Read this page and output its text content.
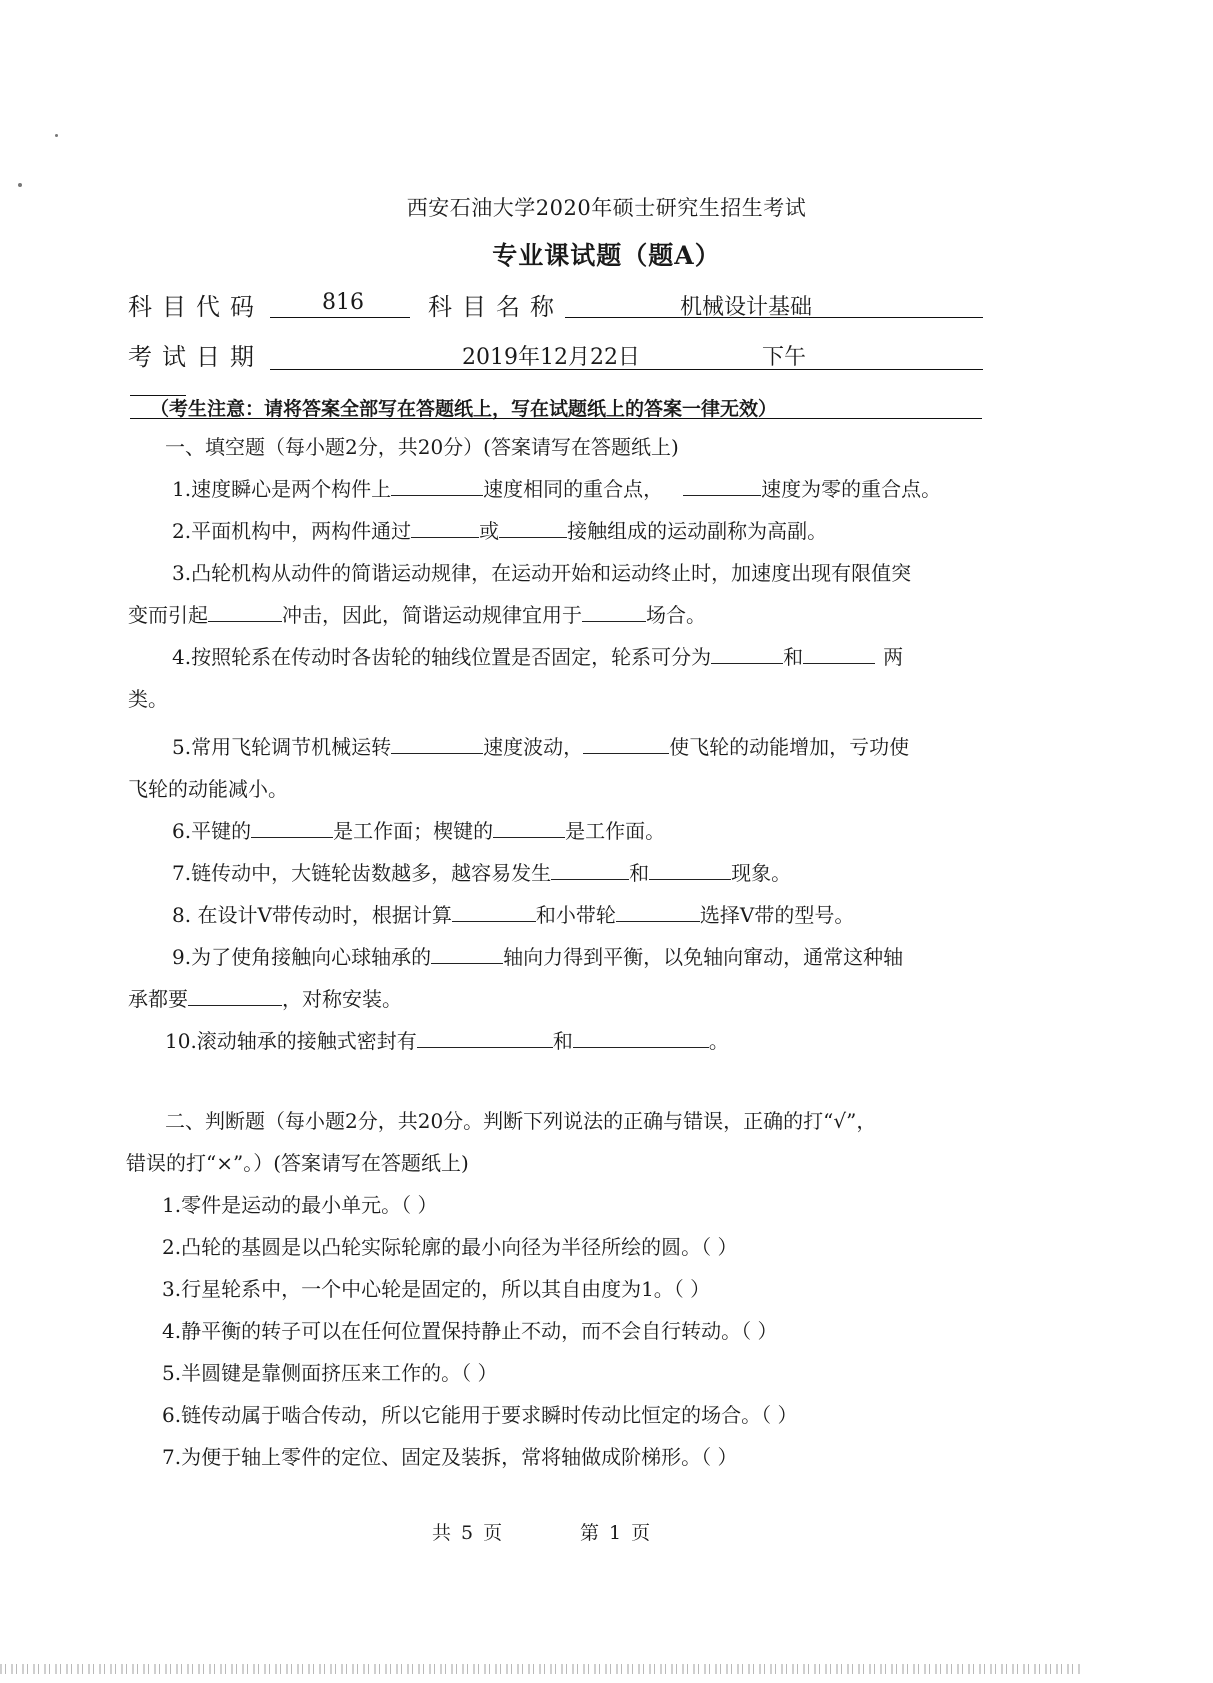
西安石油大学2020年硕士研究生招生考试
专业课试题（题A）
科目代码	816	科目名称	机械设计基础
考试日期	2019年12月22日	下午
（考生注意：请将答案全部写在答题纸上，写在试题纸上的答案一律无效）
一、填空题（每小题2分，共20分）(答案请写在答题纸上)
1.速度瞬心是两个构件上	速度相同的重合点，	速度为零的重合点。
2.平面机构中，两构件通过	或	接触组成的运动副称为高副。
3.凸轮机构从动件的简谐运动规律，在运动开始和运动终止时，加速度出现有限值突
变而引起	冲击，因此，简谐运动规律宜用于	场合。
4.按照轮系在传动时各齿轮的轴线位置是否固定，轮系可分为	和	两
类。
5.常用飞轮调节机械运转	速度波动，	使飞轮的动能增加，亏功使
飞轮的动能减小。
6.平键的	是工作面；楔键的	是工作面。
7.链传动中，大链轮齿数越多，越容易发生	和	现象。
8. 在设计V带传动时，根据计算	和小带轮	选择V带的型号。
9.为了使角接触向心球轴承的	轴向力得到平衡，以免轴向窜动，通常这种轴
承都要	，对称安装。
10.滚动轴承的接触式密封有	和	。
二、判断题（每小题2分，共20分。判断下列说法的正确与错误，正确的打“√”，
错误的打“×”。）(答案请写在答题纸上)
1.零件是运动的最小单元。（ ）
2.凸轮的基圆是以凸轮实际轮廓的最小向径为半径所绘的圆。（ ）
3.行星轮系中，一个中心轮是固定的，所以其自由度为1。（ ）
4.静平衡的转子可以在任何位置保持静止不动，而不会自行转动。（ ）
5.半圆键是靠侧面挤压来工作的。（ ）
6.链传动属于啮合传动，所以它能用于要求瞬时传动比恒定的场合。（ ）
7.为便于轴上零件的定位、固定及装拆，常将轴做成阶梯形。（ ）
共 5 页	第 1 页
